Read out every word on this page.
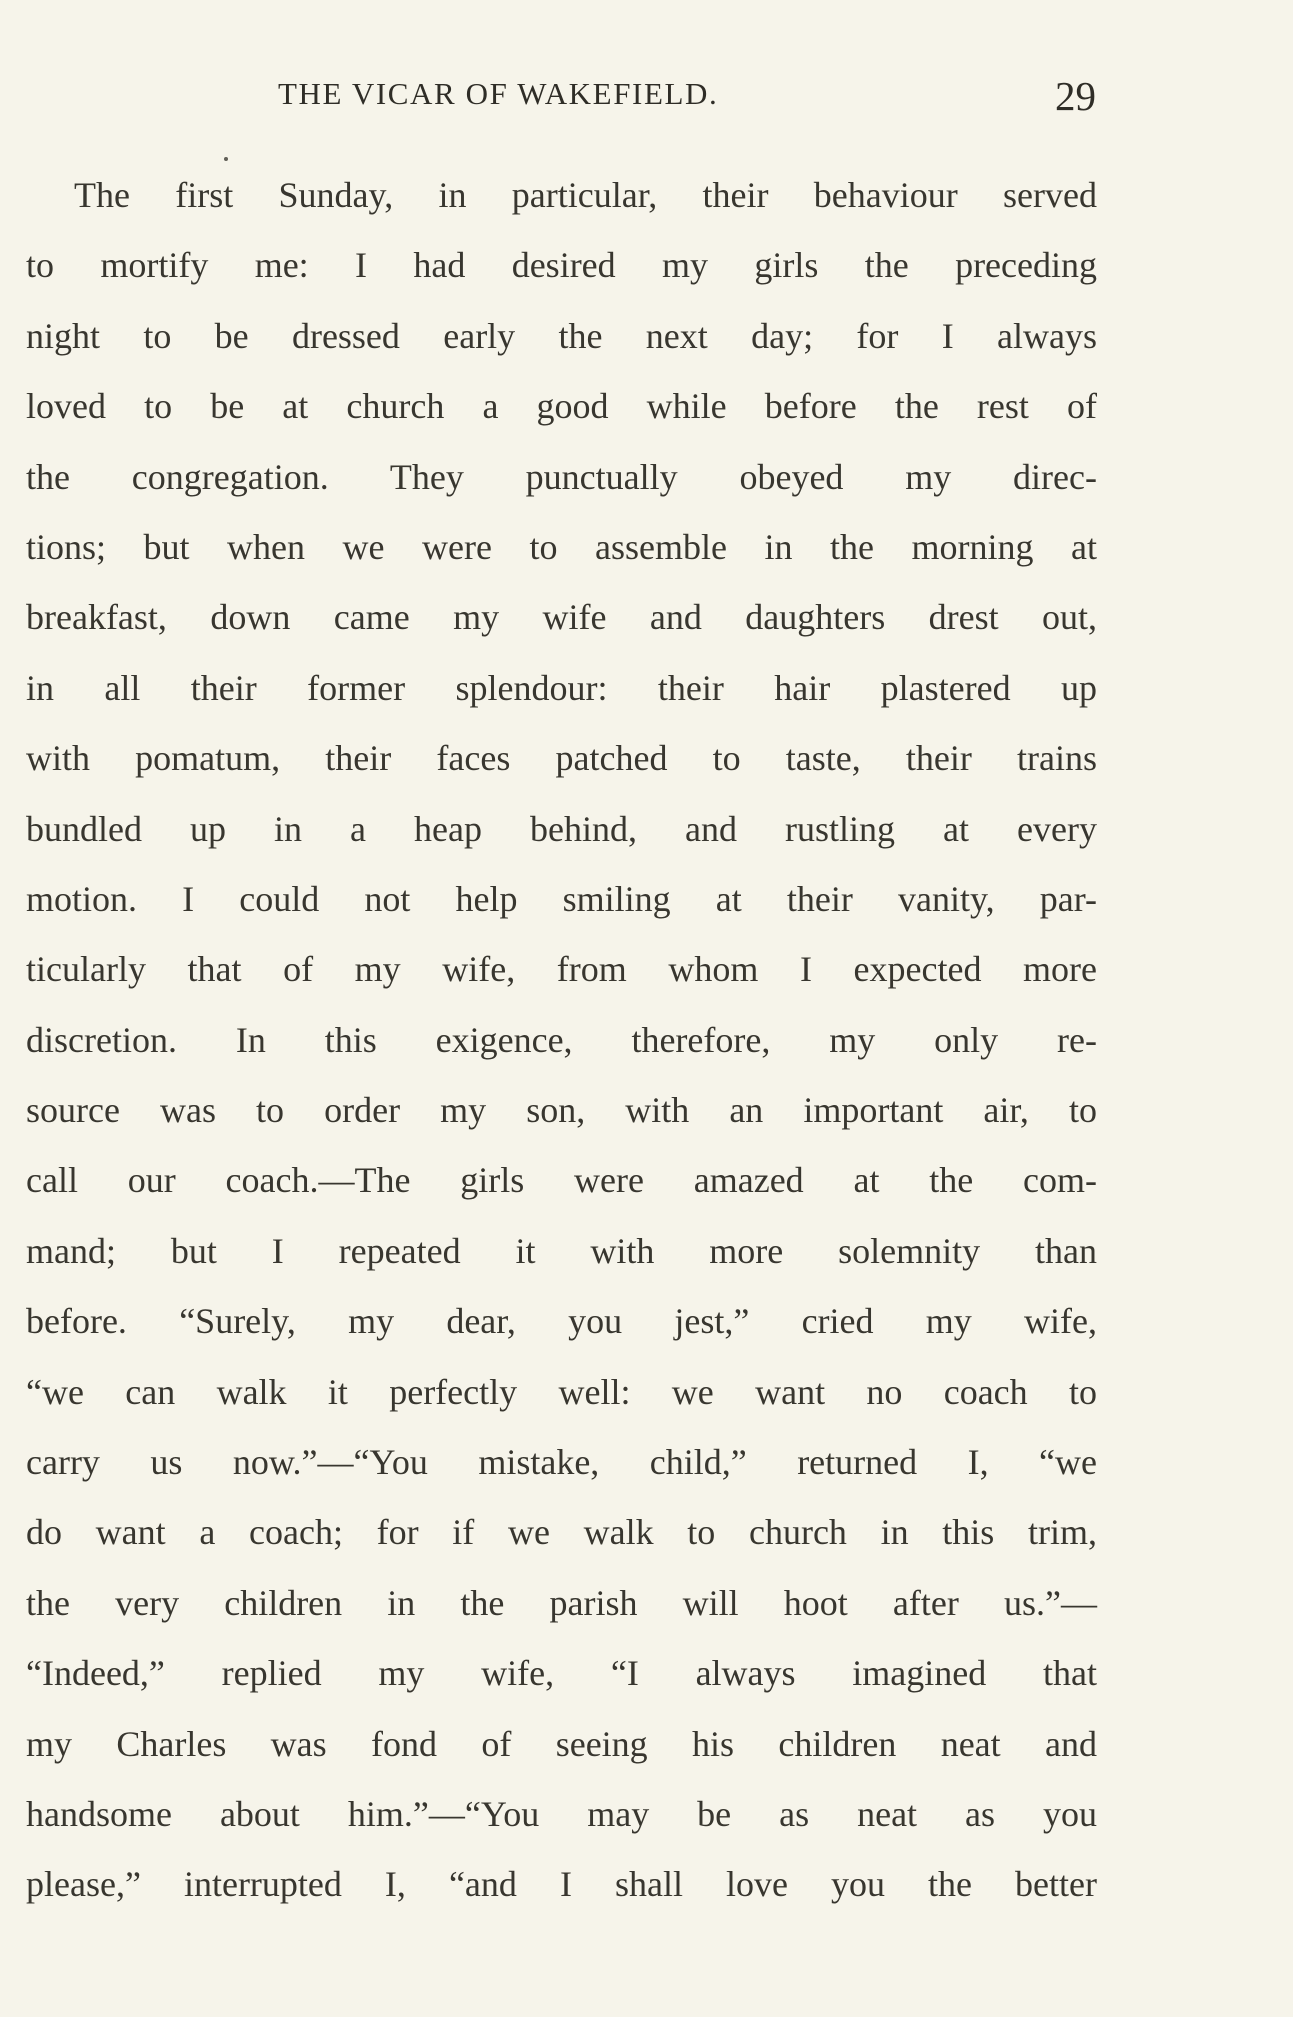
THE VICAR OF WAKEFIELD.	29
The first Sunday, in particular, their behaviour served
to mortify me: I had desired my girls the preceding
night to be dressed early the next day; for I always
loved to be at church a good while before the rest of
the congregation. They punctually obeyed my direc-
tions; but when we were to assemble in the morning at
breakfast, down came my wife and daughters drest out,
in all their former splendour: their hair plastered up
with pomatum, their faces patched to taste, their trains
bundled up in a heap behind, and rustling at every
motion. I could not help smiling at their vanity, par-
ticularly that of my wife, from whom I expected more
discretion. In this exigence, therefore, my only re-
source was to order my son, with an important air, to
call our coach.—The girls were amazed at the com-
mand; but I repeated it with more solemnity than
before. “Surely, my dear, you jest,” cried my wife,
“we can walk it perfectly well: we want no coach to
carry us now.”—“You mistake, child,” returned I, “we
do want a coach; for if we walk to church in this trim,
the very children in the parish will hoot after us.”—
“Indeed,” replied my wife, “I always imagined that
my Charles was fond of seeing his children neat and
handsome about him.”—“You may be as neat as you
please,” interrupted I, “and I shall love you the better
